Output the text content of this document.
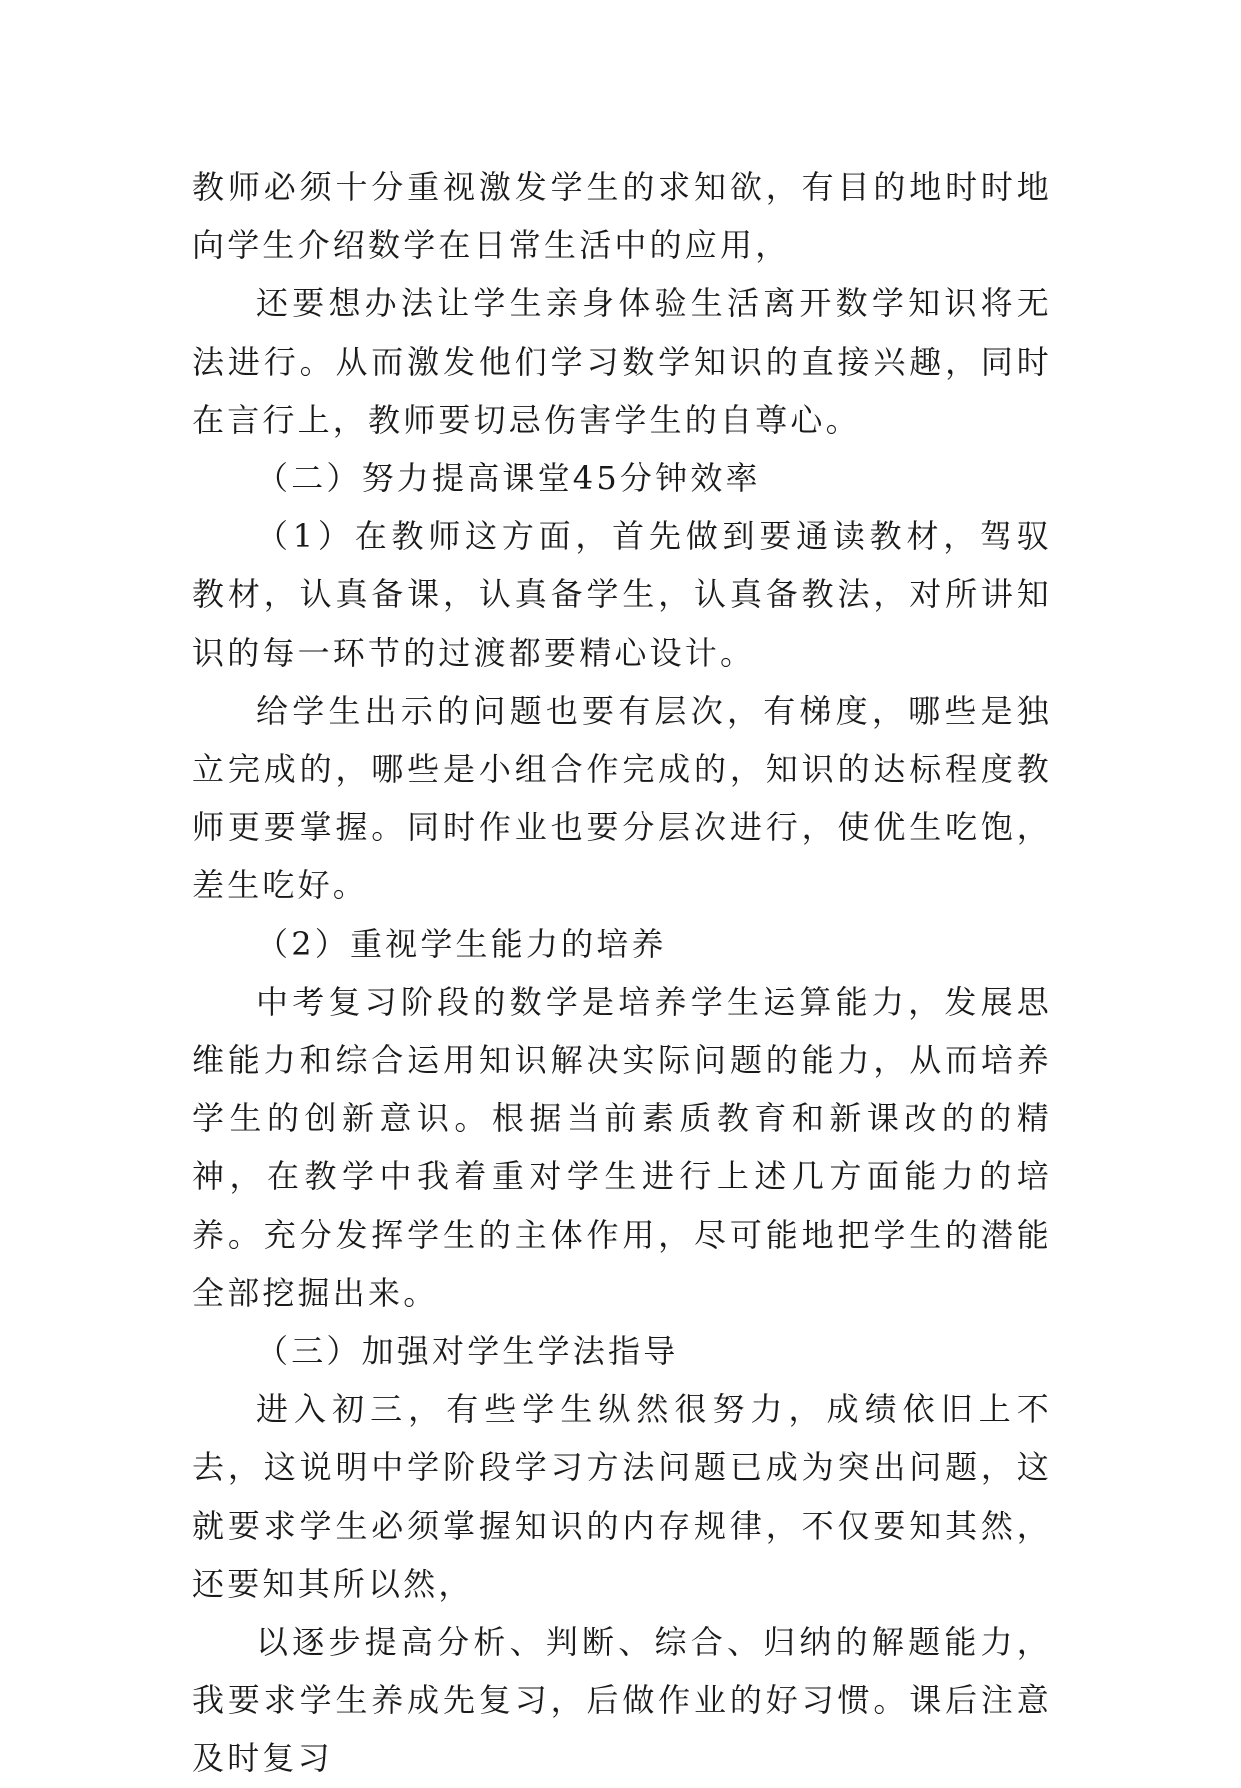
教师必须十分重视激发学生的求知欲，有目的地时时地向学生介绍数学在日常生活中的应用，

还要想办法让学生亲身体验生活离开数学知识将无法进行。从而激发他们学习数学知识的直接兴趣，同时在言行上，教师要切忌伤害学生的自尊心。

（二）努力提高课堂45分钟效率

（1）在教师这方面，首先做到要通读教材，驾驭教材，认真备课，认真备学生，认真备教法，对所讲知识的每一环节的过渡都要精心设计。

给学生出示的问题也要有层次，有梯度，哪些是独立完成的，哪些是小组合作完成的，知识的达标程度教师更要掌握。同时作业也要分层次进行，使优生吃饱，差生吃好。

（2）重视学生能力的培养

中考复习阶段的数学是培养学生运算能力，发展思维能力和综合运用知识解决实际问题的能力，从而培养学生的创新意识。根据当前素质教育和新课改的的精神，在教学中我着重对学生进行上述几方面能力的培养。充分发挥学生的主体作用，尽可能地把学生的潜能全部挖掘出来。

（三）加强对学生学法指导

进入初三，有些学生纵然很努力，成绩依旧上不去，这说明中学阶段学习方法问题已成为突出问题，这就要求学生必须掌握知识的内存规律，不仅要知其然，还要知其所以然，

以逐步提高分析、判断、综合、归纳的解题能力，我要求学生养成先复习，后做作业的好习惯。课后注意及时复习
